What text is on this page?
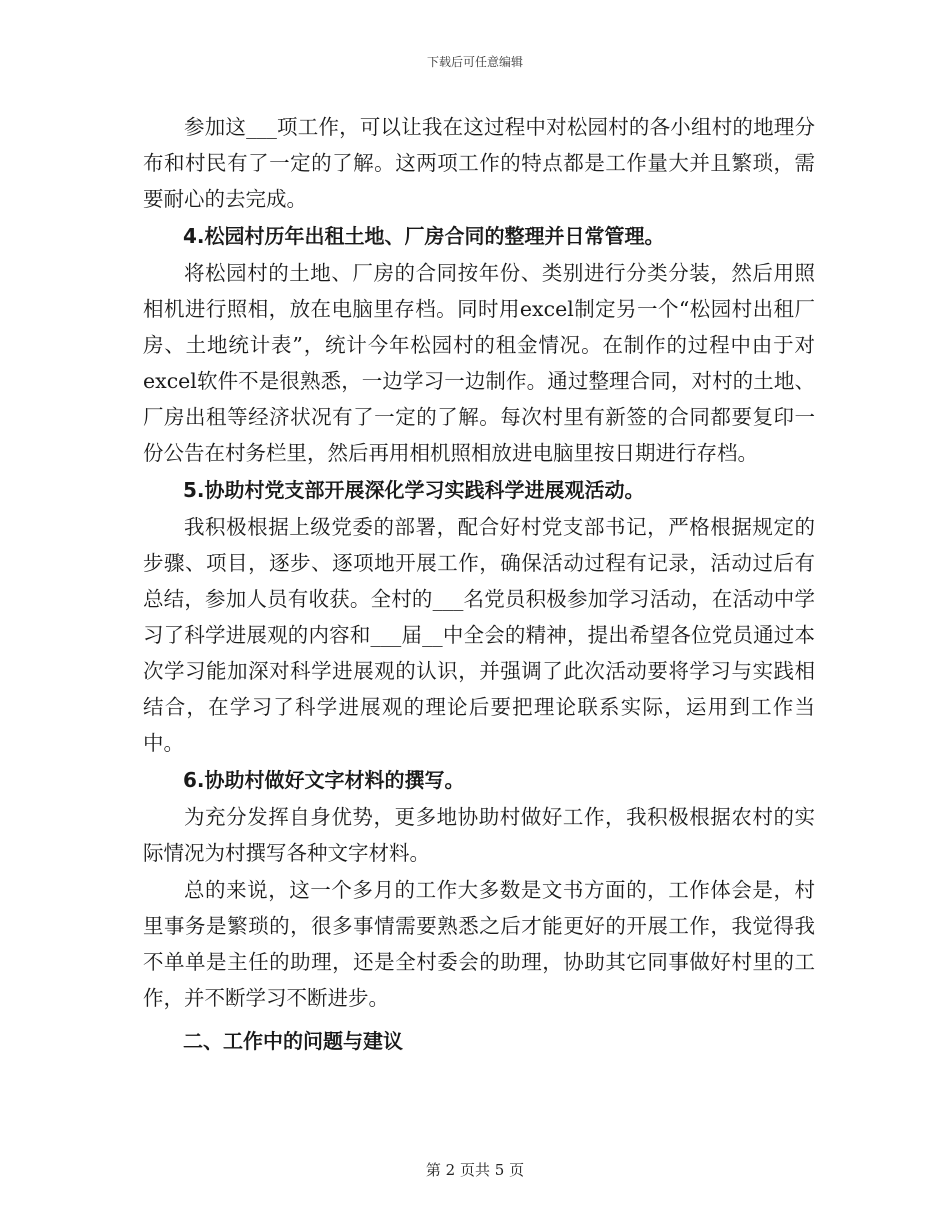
下载后可任意编辑

参加这___项工作，可以让我在这过程中对松园村的各小组村的地理分布和村民有了一定的了解。这两项工作的特点都是工作量大并且繁琐，需要耐心的去完成。

4.松园村历年出租土地、厂房合同的整理并日常管理。

将松园村的土地、厂房的合同按年份、类别进行分类分装，然后用照相机进行照相，放在电脑里存档。同时用excel制定另一个“松园村出租厂房、土地统计表”，统计今年松园村的租金情况。在制作的过程中由于对excel软件不是很熟悉，一边学习一边制作。通过整理合同，对村的土地、厂房出租等经济状况有了一定的了解。每次村里有新签的合同都要复印一份公告在村务栏里，然后再用相机照相放进电脑里按日期进行存档。

5.协助村党支部开展深化学习实践科学进展观活动。

我积极根据上级党委的部署，配合好村党支部书记，严格根据规定的步骤、项目，逐步、逐项地开展工作，确保活动过程有记录，活动过后有总结，参加人员有收获。全村的___名党员积极参加学习活动，在活动中学习了科学进展观的内容和___届__中全会的精神，提出希望各位党员通过本次学习能加深对科学进展观的认识，并强调了此次活动要将学习与实践相结合，在学习了科学进展观的理论后要把理论联系实际，运用到工作当中。

6.协助村做好文字材料的撰写。

为充分发挥自身优势，更多地协助村做好工作，我积极根据农村的实际情况为村撰写各种文字材料。

总的来说，这一个多月的工作大多数是文书方面的，工作体会是，村里事务是繁琐的，很多事情需要熟悉之后才能更好的开展工作，我觉得我不单单是主任的助理，还是全村委会的助理，协助其它同事做好村里的工作，并不断学习不断进步。

二、工作中的问题与建议

第 2 页共 5 页
